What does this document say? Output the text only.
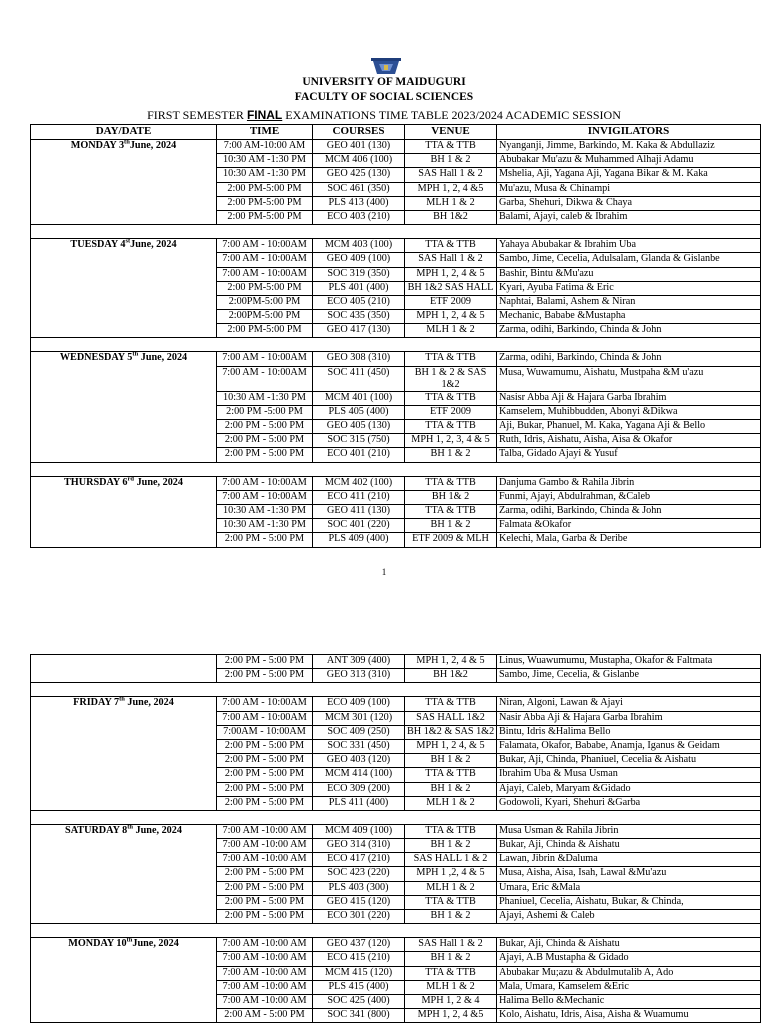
UNIVERSITY OF MAIDUGURI
FACULTY OF SOCIAL SCIENCES
FIRST SEMESTER FINAL EXAMINATIONS TIME TABLE 2023/2024 ACADEMIC SESSION
DAY/DATE	TIME	COURSES	VENUE	INVIGILATORS
MONDAY 3thJune, 2024	7:00 AM-10:00 AM	GEO 401 (130)	TTA & TTB	Nyanganji, Jimme, Barkindo, M. Kaka & Abdullaziz
	10:30 AM -1:30 PM	MCM 406 (100)	BH 1 & 2	Abubakar Mu'azu & Muhammed Alhaji Adamu
	10:30 AM -1:30 PM	GEO 425 (130)	SAS Hall 1 & 2	Mshelia, Aji, Yagana Aji, Yagana Bikar & M. Kaka
	2:00 PM-5:00 PM	SOC 461 (350)	MPH 1, 2, 4 &5	Mu'azu, Musa & Chinampi
	2:00 PM-5:00 PM	PLS 413 (400)	MLH 1 & 2	Garba, Shehuri, Dikwa & Chaya
	2:00 PM-5:00 PM	ECO 403 (210)	BH 1&2	Balami, Ajayi, caleb & Ibrahim

TUESDAY 4stJune, 2024	7:00 AM - 10:00AM	MCM 403 (100)	TTA & TTB	Yahaya Abubakar & Ibrahim Uba
	7:00 AM - 10:00AM	GEO 409 (100)	SAS Hall 1 & 2	Sambo, Jime, Cecelia, Adulsalam, Glanda & Gislanbe
	7:00 AM - 10:00AM	SOC 319 (350)	MPH 1, 2, 4 & 5	Bashir, Bintu &Mu'azu
	2:00 PM-5:00 PM	PLS 401 (400)	BH 1&2 SAS HALL	Kyari, Ayuba Fatima & Eric
	2:00PM-5:00 PM	ECO 405 (210)	ETF 2009	Naphtai, Balami, Ashem & Niran
	2:00PM-5:00 PM	SOC 435 (350)	MPH 1, 2, 4 & 5	Mechanic, Bababe &Mustapha
	2:00 PM-5:00 PM	GEO 417 (130)	MLH 1 & 2	Zarma, odihi, Barkindo, Chinda & John

WEDNESDAY 5th June, 2024	7:00 AM - 10:00AM	GEO 308 (310)	TTA & TTB	Zarma, odihi, Barkindo, Chinda & John
	7:00 AM - 10:00AM	SOC 411 (450)	BH 1 & 2 & SAS 1&2	Musa, Wuwamumu, Aishatu, Mustpaha &M u'azu
	10:30 AM -1:30 PM	MCM 401 (100)	TTA & TTB	Nasisr Abba Aji & Hajara Garba Ibrahim
	2:00 PM -5:00 PM	PLS 405 (400)	ETF 2009	Kamselem, Muhibbudden, Abonyi &Dikwa
	2:00 PM - 5:00 PM	GEO 405 (130)	TTA & TTB	Aji, Bukar, Phanuel, M. Kaka, Yagana Aji & Bello
	2:00 PM - 5:00 PM	SOC 315 (750)	MPH 1, 2, 3, 4 & 5	Ruth, Idris, Aishatu, Aisha, Aisa & Okafor
	2:00 PM - 5:00 PM	ECO 401 (210)	BH 1 & 2	Talba, Gidado Ajayi & Yusuf

THURSDAY 6rd June, 2024	7:00 AM - 10:00AM	MCM 402 (100)	TTA & TTB	Danjuma Gambo & Rahila Jibrin
	7:00 AM - 10:00AM	ECO 411 (210)	BH 1& 2	Funmi, Ajayi, Abdulrahman, &Caleb
	10:30 AM -1:30 PM	GEO 411 (130)	TTA & TTB	Zarma, odihi, Barkindo, Chinda & John
	10:30 AM -1:30 PM	SOC 401 (220)	BH 1 & 2	Falmata &Okafor
	2:00 PM - 5:00 PM	PLS 409 (400)	ETF 2009 & MLH	Kelechi, Mala, Garba & Deribe
1
	2:00 PM - 5:00 PM	ANT 309 (400)	MPH 1, 2, 4 & 5	Linus, Wuawumumu, Mustapha, Okafor & Faltmata
	2:00 PM - 5:00 PM	GEO 313 (310)	BH 1&2	Sambo, Jime, Cecelia, & Gislanbe

FRIDAY 7th June, 2024	7:00 AM - 10:00AM	ECO 409 (100)	TTA & TTB	Niran, Algoni, Lawan & Ajayi
	7:00 AM - 10:00AM	MCM 301 (120)	SAS HALL 1&2	Nasir Abba Aji & Hajara Garba Ibrahim
	7:00AM - 10:00AM	SOC 409 (250)	BH 1&2 & SAS 1&2	Bintu, Idris &Halima Bello
	2:00 PM - 5:00 PM	SOC 331 (450)	MPH 1, 2 4, & 5	Falamata, Okafor, Bababe, Anamja, Iganus & Geidam
	2:00 PM - 5:00 PM	GEO 403 (120)	BH 1 & 2	Bukar, Aji, Chinda, Phaniuel, Cecelia & Aishatu
	2:00 PM - 5:00 PM	MCM 414 (100)	TTA & TTB	Ibrahim Uba & Musa Usman
	2:00 PM - 5:00 PM	ECO 309 (200)	BH 1 & 2	Ajayi, Caleb, Maryam &Gidado
	2:00 PM - 5:00 PM	PLS 411 (400)	MLH 1 & 2	Godowoli, Kyari, Shehuri &Garba

SATURDAY 8th June, 2024	7:00 AM -10:00 AM	MCM 409 (100)	TTA & TTB	Musa Usman & Rahila Jibrin
	7:00 AM -10:00 AM	GEO 314 (310)	BH 1 & 2	Bukar, Aji, Chinda & Aishatu
	7:00 AM -10:00 AM	ECO 417 (210)	SAS HALL 1 & 2	Lawan, Jibrin &Daluma
	2:00 PM - 5:00 PM	SOC 423 (220)	MPH 1 ,2, 4 & 5	Musa, Aisha, Aisa, Isah, Lawal &Mu'azu
	2:00 PM - 5:00 PM	PLS 403 (300)	MLH 1 & 2	Umara, Eric &Mala
	2:00 PM - 5:00 PM	GEO 415 (120)	TTA & TTB	Phaniuel, Cecelia, Aishatu, Bukar, & Chinda,
	2:00 PM - 5:00 PM	ECO 301 (220)	BH 1 & 2	Ajayi, Ashemi & Caleb

MONDAY 10thJune, 2024	7:00 AM -10:00 AM	GEO 437 (120)	SAS Hall 1 & 2	Bukar, Aji, Chinda & Aishatu
	7:00 AM -10:00 AM	ECO 415 (210)	BH 1 & 2	Ajayi, A.B Mustapha & Gidado
	7:00 AM -10:00 AM	MCM 415 (120)	TTA & TTB	Abubakar Mu;azu & Abdulmutalib A, Ado
	7:00 AM -10:00 AM	PLS 415 (400)	MLH 1 & 2	Mala, Umara, Kamselem &Eric
	7:00 AM -10:00 AM	SOC 425 (400)	MPH 1, 2 & 4	Halima Bello &Mechanic
	2:00 AM - 5:00 PM	SOC 341 (800)	MPH 1, 2, 4 &5	Kolo, Aishatu, Idris, Aisa, Aisha & Wuamumu
